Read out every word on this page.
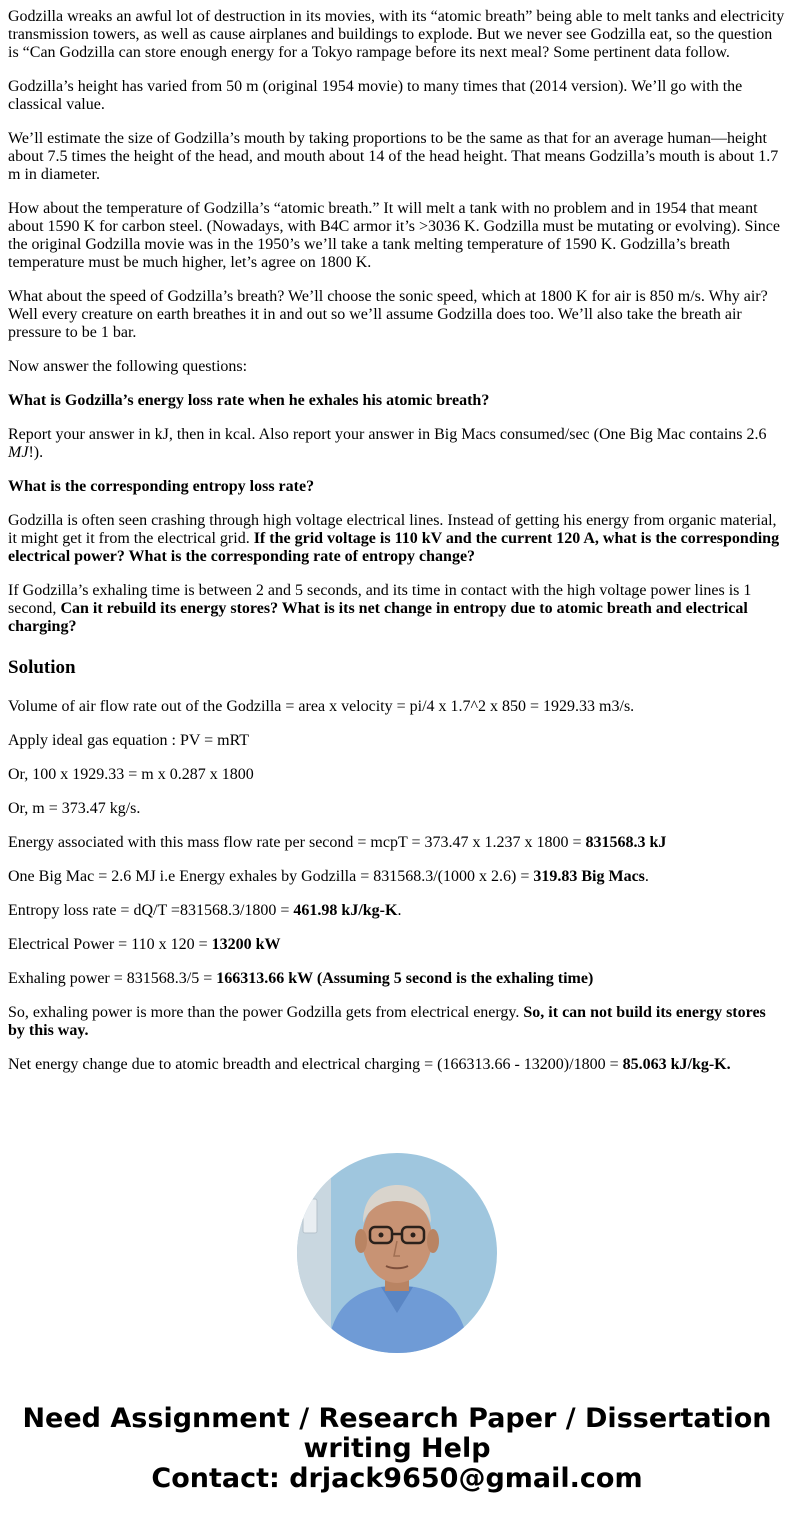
Godzilla wreaks an awful lot of destruction in its movies, with its “atomic breath” being able to melt tanks and electricity transmission towers, as well as cause airplanes and buildings to explode. But we never see Godzilla eat, so the question is “Can Godzilla can store enough energy for a Tokyo rampage before its next meal? Some pertinent data follow.

Godzilla’s height has varied from 50 m (original 1954 movie) to many times that (2014 version). We’ll go with the classical value.

We’ll estimate the size of Godzilla’s mouth by taking proportions to be the same as that for an average human—height about 7.5 times the height of the head, and mouth about 14 of the head height. That means Godzilla’s mouth is about 1.7 m in diameter.

How about the temperature of Godzilla’s “atomic breath.” It will melt a tank with no problem and in 1954 that meant about 1590 K for carbon steel. (Nowadays, with B4C armor it’s >3036 K. Godzilla must be mutating or evolving). Since the original Godzilla movie was in the 1950’s we’ll take a tank melting temperature of 1590 K. Godzilla’s breath temperature must be much higher, let’s agree on 1800 K.

What about the speed of Godzilla’s breath? We’ll choose the sonic speed, which at 1800 K for air is 850 m/s. Why air? Well every creature on earth breathes it in and out so we’ll assume Godzilla does too. We’ll also take the breath air pressure to be 1 bar.

Now answer the following questions:

What is Godzilla’s energy loss rate when he exhales his atomic breath?

Report your answer in kJ, then in kcal. Also report your answer in Big Macs consumed/sec (One Big Mac contains 2.6 MJ!).

What is the corresponding entropy loss rate?

Godzilla is often seen crashing through high voltage electrical lines. Instead of getting his energy from organic material, it might get it from the electrical grid. If the grid voltage is 110 kV and the current 120 A, what is the corresponding electrical power? What is the corresponding rate of entropy change?

If Godzilla’s exhaling time is between 2 and 5 seconds, and its time in contact with the high voltage power lines is 1 second, Can it rebuild its energy stores? What is its net change in entropy due to atomic breath and electrical charging?

Solution

Volume of air flow rate out of the Godzilla = area x velocity = pi/4 x 1.7^2 x 850 = 1929.33 m3/s.

Apply ideal gas equation : PV = mRT

Or, 100 x 1929.33 = m x 0.287 x 1800

Or, m = 373.47 kg/s.

Energy associated with this mass flow rate per second = mcpT = 373.47 x 1.237 x 1800 = 831568.3 kJ

One Big Mac = 2.6 MJ i.e Energy exhales by Godzilla = 831568.3/(1000 x 2.6) = 319.83 Big Macs.

Entropy loss rate = dQ/T =831568.3/1800 = 461.98 kJ/kg-K.

Electrical Power = 110 x 120 = 13200 kW

Exhaling power = 831568.3/5 = 166313.66 kW (Assuming 5 second is the exhaling time)

So, exhaling power is more than the power Godzilla gets from electrical energy. So, it can not build its energy stores by this way.

Net energy change due to atomic breadth and electrical charging = (166313.66 - 13200)/1800 = 85.063 kJ/kg-K.

Need Assignment / Research Paper / Dissertation
writing Help
Contact: drjack9650@gmail.com
